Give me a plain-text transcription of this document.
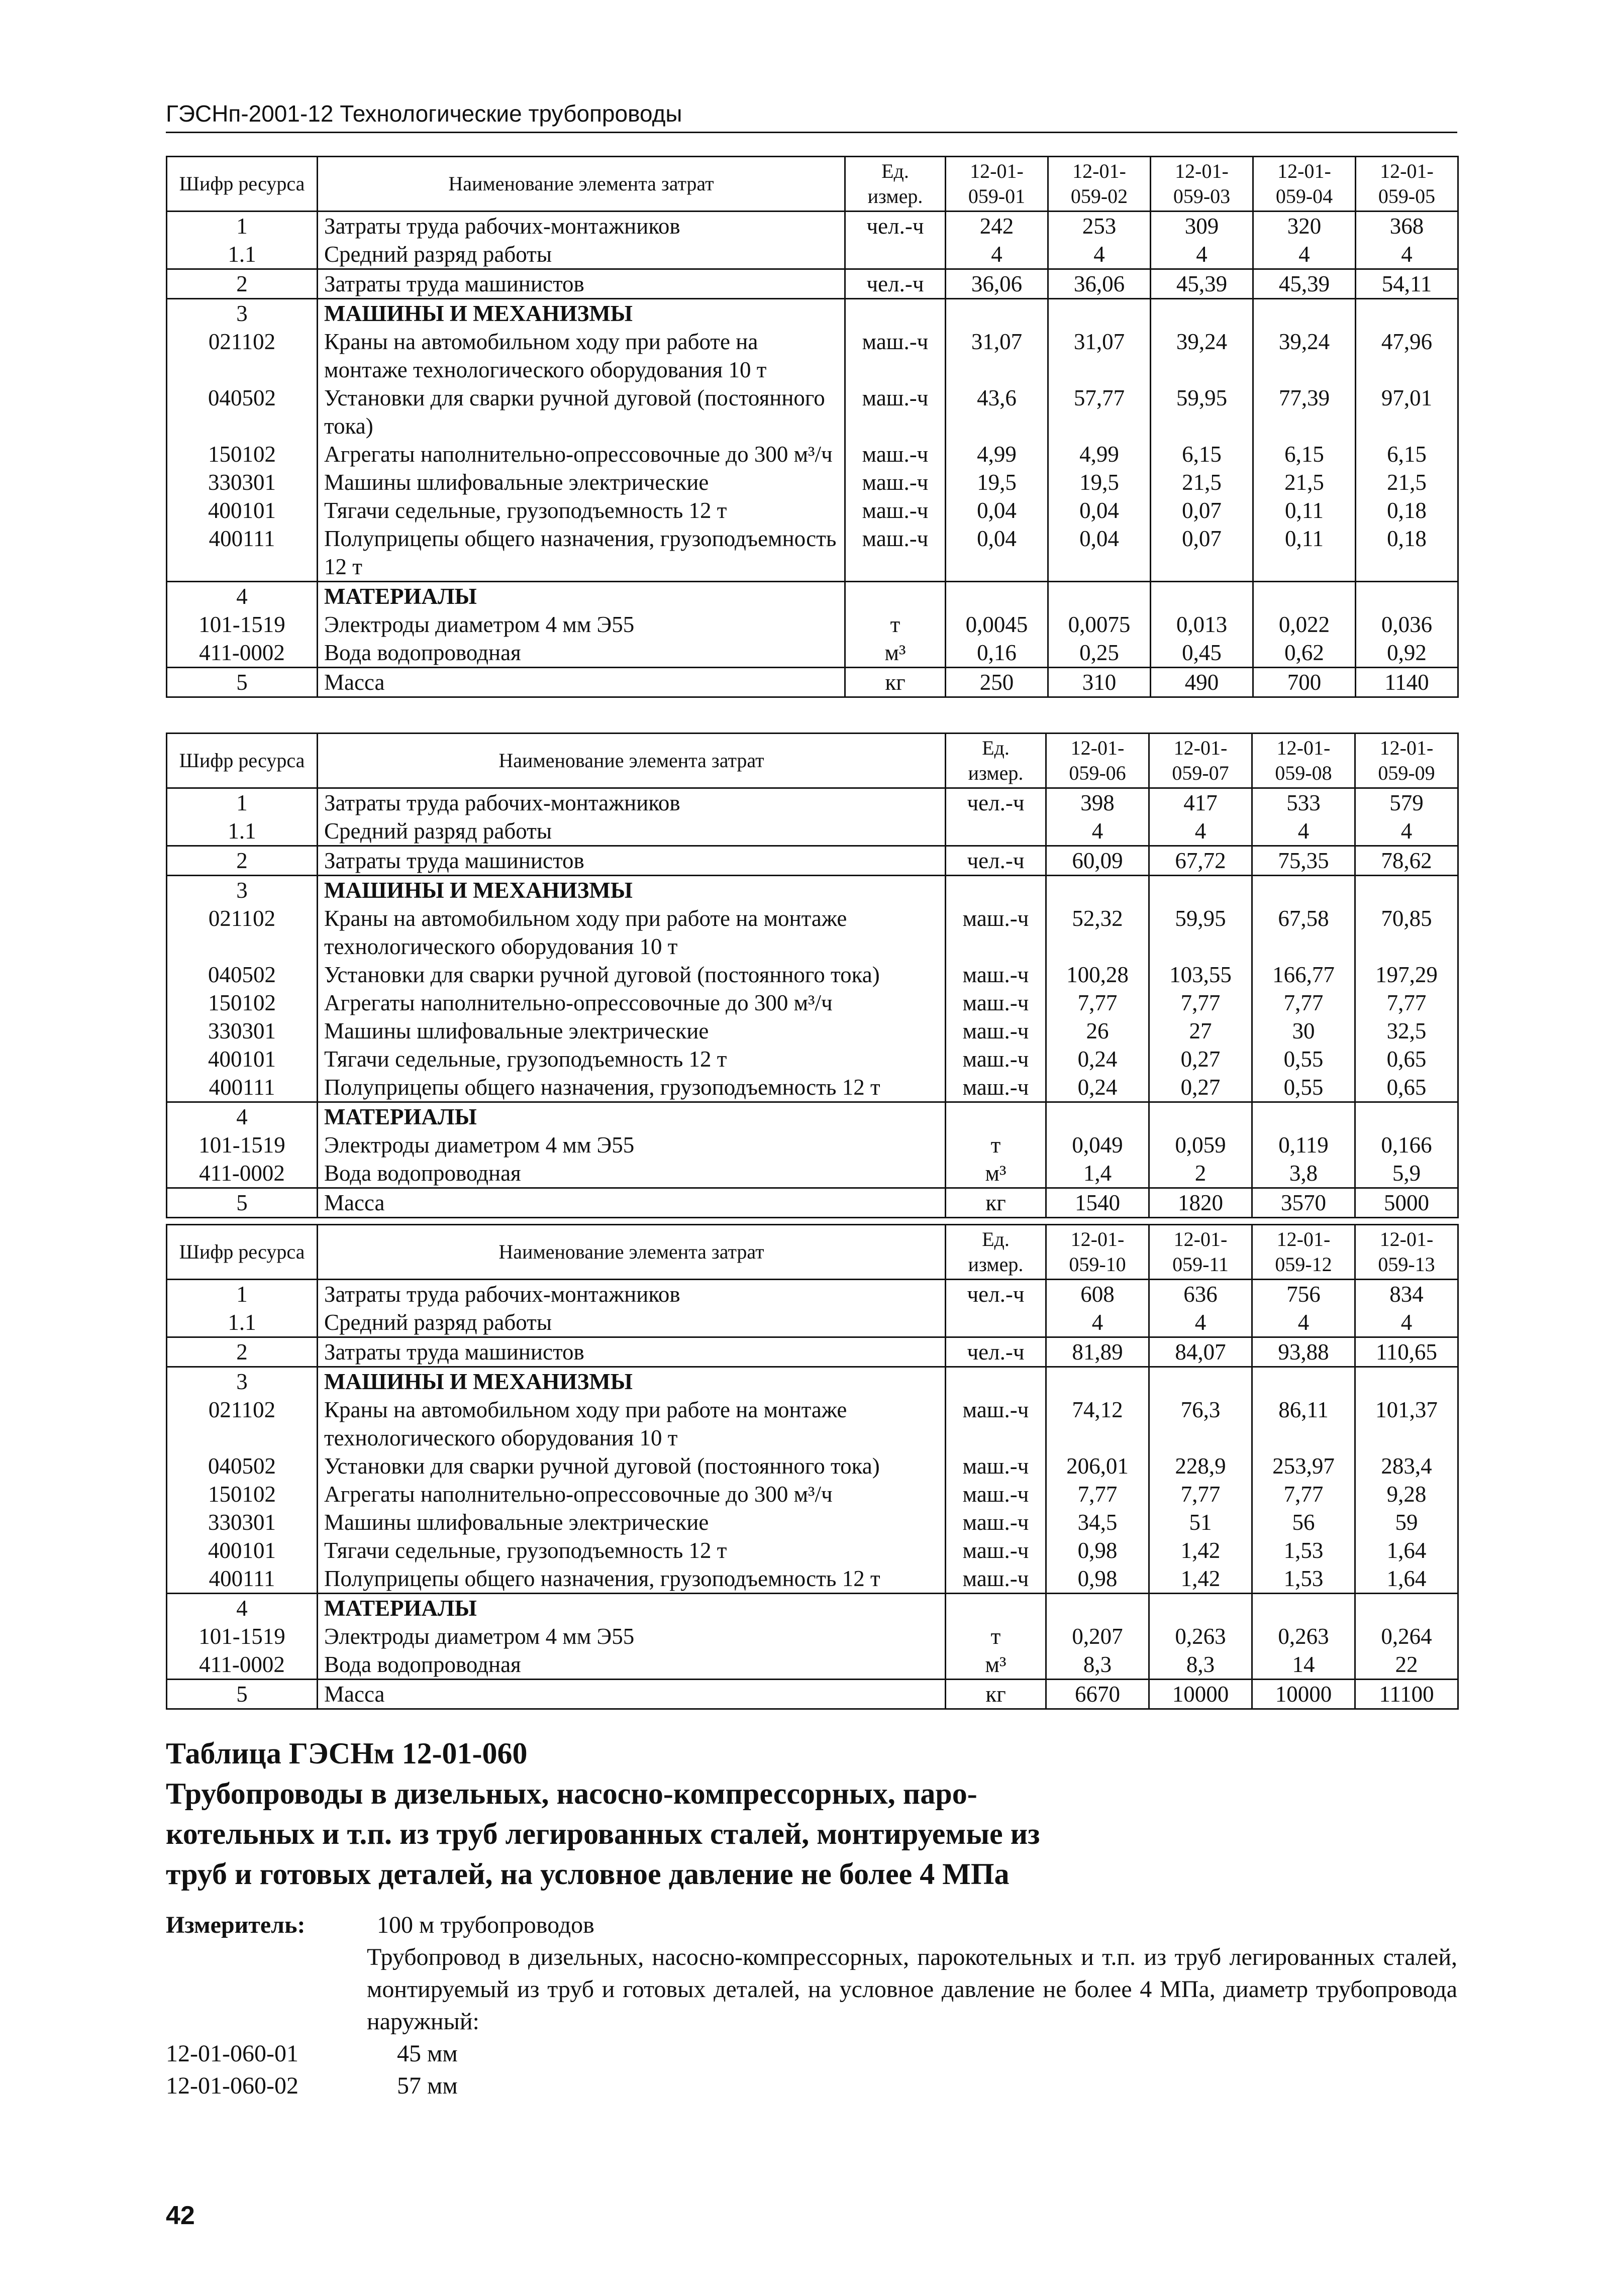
ГЭСНп-2001-12 Технологические трубопроводы
Шифр ресурса	Наименование элемента затрат	Ед. измер.	12-01-059-01	12-01-059-02	12-01-059-03	12-01-059-04	12-01-059-05
1	Затраты труда рабочих-монтажников	чел.-ч	242	253	309	320	368
1.1	Средний разряд работы		4	4	4	4	4
2	Затраты труда машинистов	чел.-ч	36,06	36,06	45,39	45,39	54,11
3	МАШИНЫ И МЕХАНИЗМЫ						
021102	Краны на автомобильном ходу при работе на монтаже технологического оборудования 10 т	маш.-ч	31,07	31,07	39,24	39,24	47,96
040502	Установки для сварки ручной дуговой (постоянного тока)	маш.-ч	43,6	57,77	59,95	77,39	97,01
150102	Агрегаты наполнительно-опрессовочные до 300 м³/ч	маш.-ч	4,99	4,99	6,15	6,15	6,15
330301	Машины шлифовальные электрические	маш.-ч	19,5	19,5	21,5	21,5	21,5
400101	Тягачи седельные, грузоподъемность 12 т	маш.-ч	0,04	0,04	0,07	0,11	0,18
400111	Полуприцепы общего назначения, грузоподъемность 12 т	маш.-ч	0,04	0,04	0,07	0,11	0,18
4	МАТЕРИАЛЫ						
101-1519	Электроды диаметром 4 мм Э55	т	0,0045	0,0075	0,013	0,022	0,036
411-0002	Вода водопроводная	м³	0,16	0,25	0,45	0,62	0,92
5	Масса	кг	250	310	490	700	1140
Шифр ресурса	Наименование элемента затрат	Ед. измер.	12-01-059-06	12-01-059-07	12-01-059-08	12-01-059-09
1	Затраты труда рабочих-монтажников	чел.-ч	398	417	533	579
1.1	Средний разряд работы		4	4	4	4
2	Затраты труда машинистов	чел.-ч	60,09	67,72	75,35	78,62
3	МАШИНЫ И МЕХАНИЗМЫ					
021102	Краны на автомобильном ходу при работе на монтаже технологического оборудования 10 т	маш.-ч	52,32	59,95	67,58	70,85
040502	Установки для сварки ручной дуговой (постоянного тока)	маш.-ч	100,28	103,55	166,77	197,29
150102	Агрегаты наполнительно-опрессовочные до 300 м³/ч	маш.-ч	7,77	7,77	7,77	7,77
330301	Машины шлифовальные электрические	маш.-ч	26	27	30	32,5
400101	Тягачи седельные, грузоподъемность 12 т	маш.-ч	0,24	0,27	0,55	0,65
400111	Полуприцепы общего назначения, грузоподъемность 12 т	маш.-ч	0,24	0,27	0,55	0,65
4	МАТЕРИАЛЫ					
101-1519	Электроды диаметром 4 мм Э55	т	0,049	0,059	0,119	0,166
411-0002	Вода водопроводная	м³	1,4	2	3,8	5,9
5	Масса	кг	1540	1820	3570	5000
Шифр ресурса	Наименование элемента затрат	Ед. измер.	12-01-059-10	12-01-059-11	12-01-059-12	12-01-059-13
1	Затраты труда рабочих-монтажников	чел.-ч	608	636	756	834
1.1	Средний разряд работы		4	4	4	4
2	Затраты труда машинистов	чел.-ч	81,89	84,07	93,88	110,65
3	МАШИНЫ И МЕХАНИЗМЫ					
021102	Краны на автомобильном ходу при работе на монтаже технологического оборудования 10 т	маш.-ч	74,12	76,3	86,11	101,37
040502	Установки для сварки ручной дуговой (постоянного тока)	маш.-ч	206,01	228,9	253,97	283,4
150102	Агрегаты наполнительно-опрессовочные до 300 м³/ч	маш.-ч	7,77	7,77	7,77	9,28
330301	Машины шлифовальные электрические	маш.-ч	34,5	51	56	59
400101	Тягачи седельные, грузоподъемность 12 т	маш.-ч	0,98	1,42	1,53	1,64
400111	Полуприцепы общего назначения, грузоподъемность 12 т	маш.-ч	0,98	1,42	1,53	1,64
4	МАТЕРИАЛЫ					
101-1519	Электроды диаметром 4 мм Э55	т	0,207	0,263	0,263	0,264
411-0002	Вода водопроводная	м³	8,3	8,3	14	22
5	Масса	кг	6670	10000	10000	11100
Таблица ГЭСНм 12-01-060 Трубопроводы в дизельных, насосно-компрессорных, паро-котельных и т.п. из труб легированных сталей, монтируемые из труб и готовых деталей, на условное давление не более 4 МПа
Измеритель:	100 м трубопроводов
Трубопровод в дизельных, насосно-компрессорных, парокотельных и т.п. из труб легированных сталей, монтируемый из труб и готовых деталей, на условное давление не более 4 МПа, диаметр трубопровода наружный:
12-01-060-01	45 мм
12-01-060-02	57 мм
42
